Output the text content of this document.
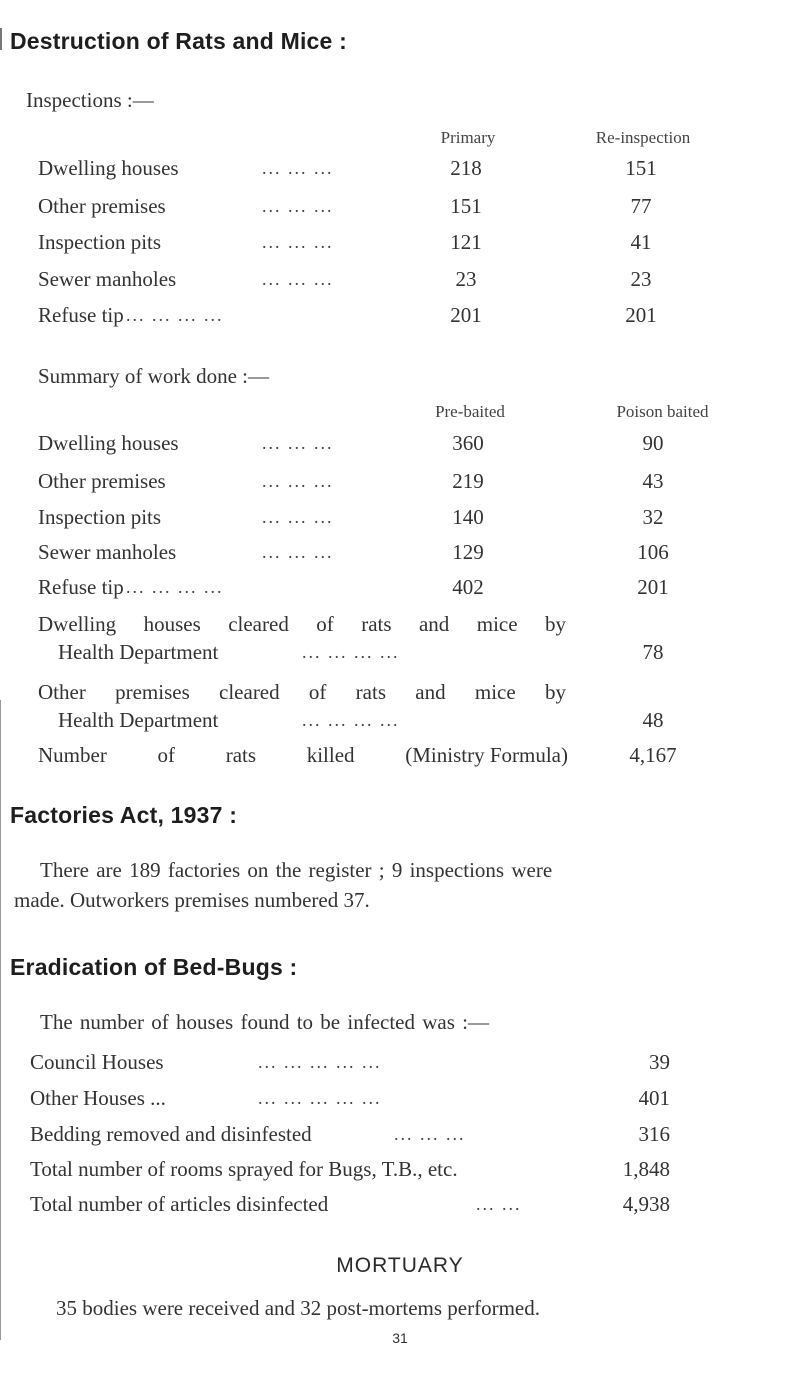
Destruction of Rats and Mice :
Inspections :—
Primary	Re-inspection
Dwelling houses	... ... ...	218	151
Other premises	... ... ...	151	77
Inspection pits	... ... ...	121	41
Sewer manholes	... ... ...	23	23
Refuse tip ... ... ... ...	201	201
Summary of work done :—
Pre-baited	Poison baited
Dwelling houses	... ... ...	360	90
Other premises	... ... ...	219	43
Inspection pits	... ... ...	140	32
Sewer manholes	... ... ...	129	106
Refuse tip ... ... ... ...	402	201
Dwelling houses cleared of rats and mice by
Health Department	... ... ... ...	78
Other premises cleared of rats and mice by
Health Department	... ... ... ...	48
Number of rats killed (Ministry Formula)	4,167
Factories Act, 1937 :
There are 189 factories on the register ; 9 inspections were
made. Outworkers premises numbered 37.
Eradication of Bed-Bugs :
The number of houses found to be infected was :—
Council Houses	... ... ... ... ...	39
Other Houses ...	... ... ... ... ...	401
Bedding removed and disinfested	... ... ...	316
Total number of rooms sprayed for Bugs, T.B., etc.	1,848
Total number of articles disinfected	... ...	4,938
MORTUARY
35 bodies were received and 32 post-mortems performed.
31
